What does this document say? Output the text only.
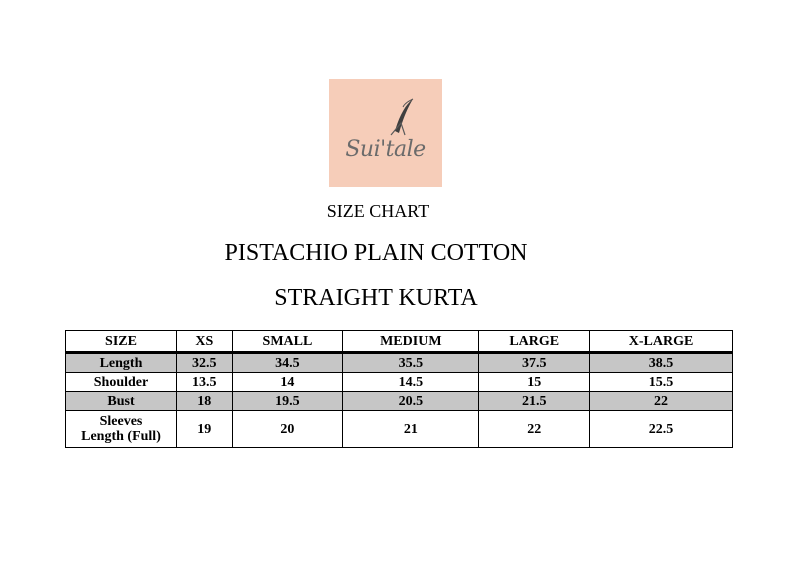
Sui'tale
SIZE CHART
PISTACHIO PLAIN COTTON
STRAIGHT KURTA
SIZE	XS	SMALL	MEDIUM	LARGE	X-LARGE
Length	32.5	34.5	35.5	37.5	38.5
Shoulder	13.5	14	14.5	15	15.5
Bust	18	19.5	20.5	21.5	22

Sleeves
Length (Full)	19	20	21	22	22.5
